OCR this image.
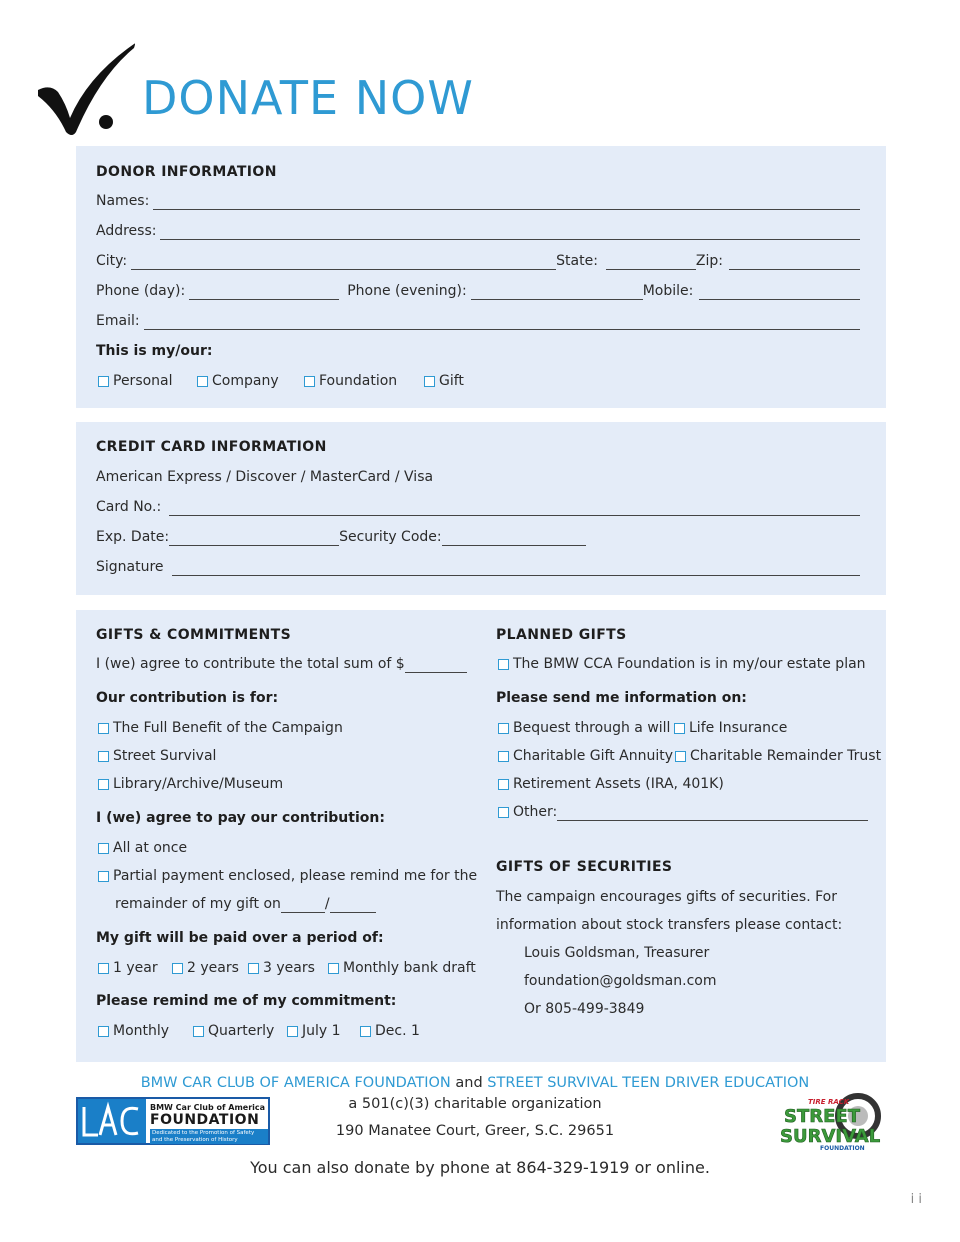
DONATE NOW
DONOR INFORMATION
Names:
Address:
City:	State:	Zip:
Phone (day):	Phone (evening):	Mobile:
Email:
This is my/our:
Personal	Company	Foundation	Gift
CREDIT CARD INFORMATION
American Express / Discover / MasterCard / Visa
Card No.:
Exp. Date:	Security Code:
Signature
GIFTS & COMMITMENTS
I (we) agree to contribute the total sum of $
Our contribution is for:
The Full Benefit of the Campaign
Street Survival
Library/Archive/Museum
I (we) agree to pay our contribution:
All at once
Partial payment enclosed, please remind me for the
remainder of my gift on	/
My gift will be paid over a period of:
1 year 2 years 3 years Monthly bank draft
Please remind me of my commitment:
Monthly	Quarterly July 1 Dec. 1
PLANNED GIFTS
The BMW CCA Foundation is in my/our estate plan
Please send me information on:
Bequest through a will Life Insurance
Charitable Gift Annuity Charitable Remainder Trust
Retirement Assets (IRA, 401K)
Other:
GIFTS OF SECURITIES
The campaign encourages gifts of securities. For
information about stock transfers please contact:
Louis Goldsman, Treasurer
foundation@goldsman.com
Or 805-499-3849
BMW CAR CLUB OF AMERICA FOUNDATION and STREET SURVIVAL TEEN DRIVER EDUCATION
a 501(c)(3) charitable organization
190 Manatee Court, Greer, S.C. 29651
You can also donate by phone at 864-329-1919 or online.
i i
BMW Car Club of America
FOUNDATION
Dedicated to the Promotion of Safety
and the Preservation of History
TIRE RACK
STREET
SURVIVAL
FOUNDATION
